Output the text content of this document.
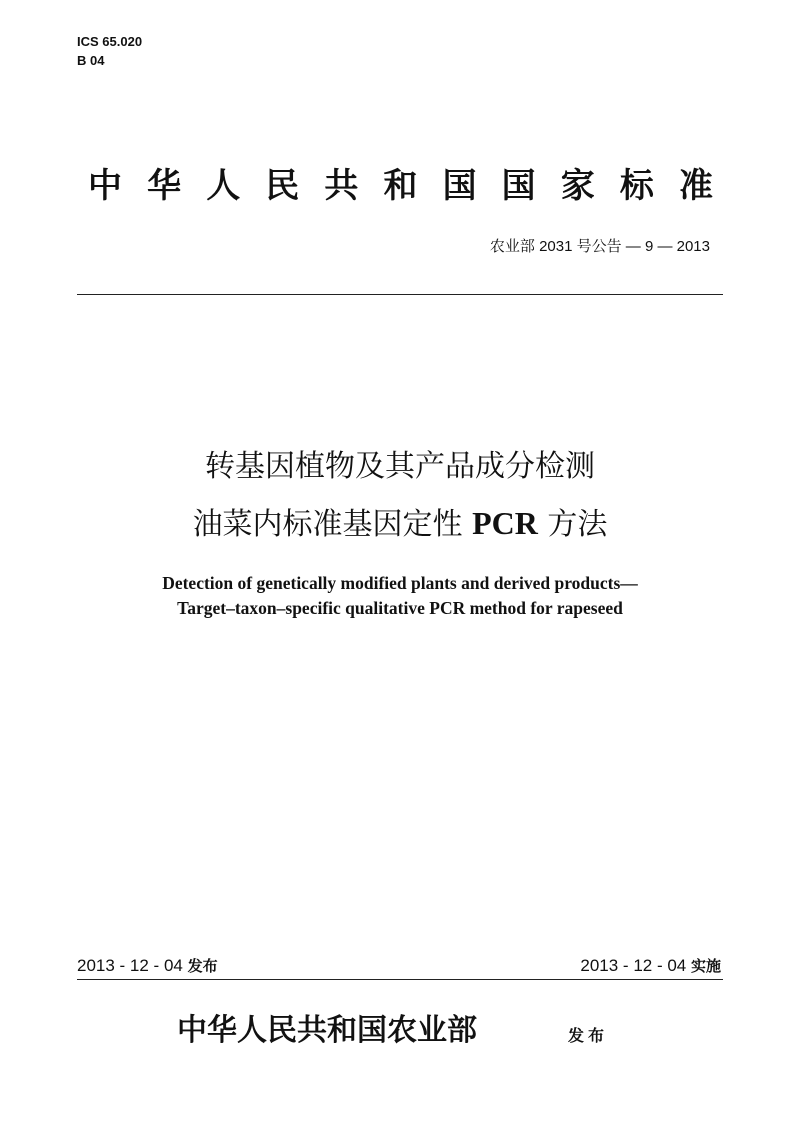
ICS 65.020
B 04
中 华 人 民 共 和 国 国 家 标 准
农业部 2031 号公告 — 9 — 2013
转基因植物及其产品成分检测
油菜内标准基因定性 PCR 方法
Detection of genetically modified plants and derived products—
Target–taxon–specific qualitative PCR method for rapeseed
2013 - 12 - 04 发布	2013 - 12 - 04 实施
中华人民共和国农业部	发布
